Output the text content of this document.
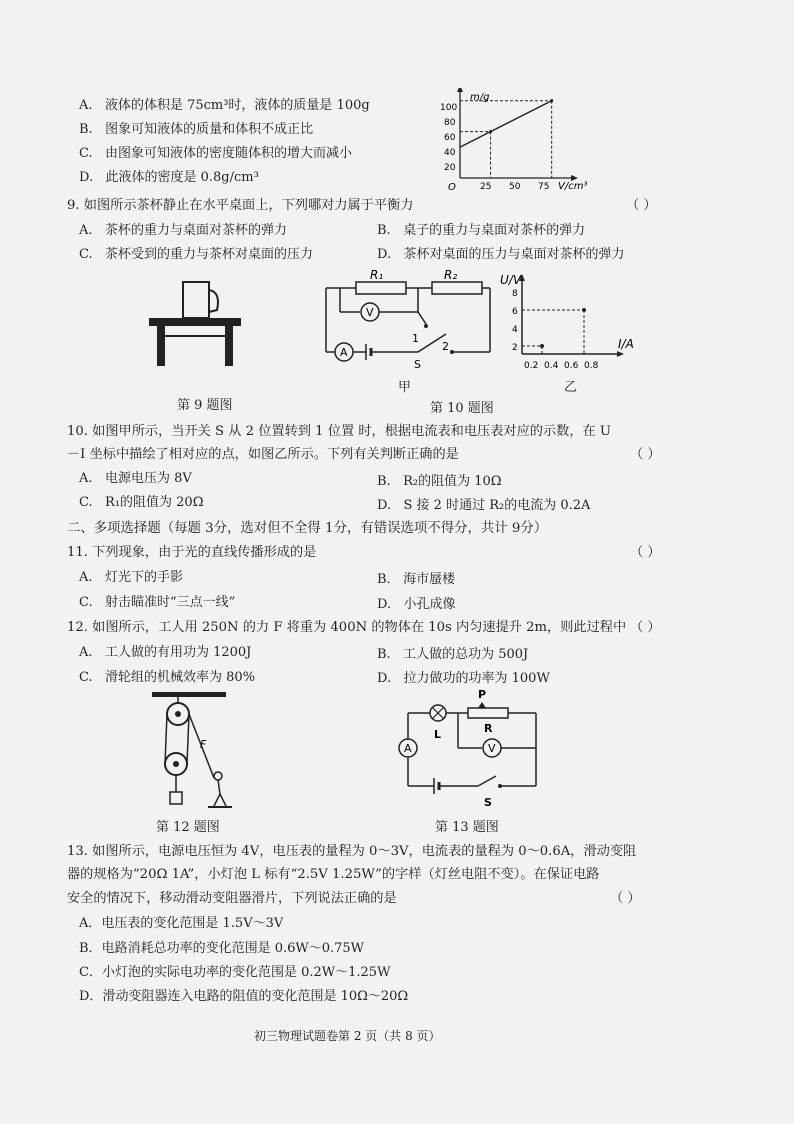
A. 液体的体积是 75cm³时，液体的质量是 100g
B. 图象可知液体的质量和体积不成正比
C. 由图象可知液体的密度随体积的增大而减小
D. 此液体的密度是 0.8g/cm³
m/g
V/cm³
O
100
80
60
40
20
25 50 75
9. 如图所示茶杯静止在水平桌面上，下列哪对力属于平衡力	（ ）
A. 茶杯的重力与桌面对茶杯的弹力	B. 桌子的重力与桌面对茶杯的弹力
C. 茶杯受到的重力与茶杯对桌面的压力	D. 茶杯对桌面的压力与桌面对茶杯的弹力
R₁	R₂
V
A
1
2
S
甲
U/V
I/A
8
6
4
2
0.2 0.4 0.6 0.8
乙
第 9 题图	第 10 题图
10. 如图甲所示，当开关 S 从 2 位置转到 1 位置 时，根据电流表和电压表对应的示数，在 U
－I 坐标中描绘了相对应的点，如图乙所示。下列有关判断正确的是	（ ）
A. 电源电压为 8V	B. R₂的阻值为 10Ω
C. R₁的阻值为 20Ω	D. S 接 2 时通过 R₂的电流为 0.2A
二、多项选择题（每题 3分，选对但不全得 1分，有错误选项不得分，共计 9分）
11. 下列现象，由于光的直线传播形成的是	（ ）
A. 灯光下的手影	B. 海市蜃楼
C. 射击瞄准时“三点一线”	D. 小孔成像
12. 如图所示，工人用 250N 的力 F 将重为 400N 的物体在 10s 内匀速提升 2m，则此过程中 （ ）
A. 工人做的有用功为 1200J	B. 工人做的总功为 500J
C. 滑轮组的机械效率为 80%	D. 拉力做功的功率为 100W
F
第 12 题图
P
R
L
A	V
S
第 13 题图
13. 如图所示，电源电压恒为 4V，电压表的量程为 0～3V，电流表的量程为 0～0.6A，滑动变阻
器的规格为“20Ω 1A”，小灯泡 L 标有“2.5V 1.25W”的字样（灯丝电阻不变）。在保证电路
安全的情况下，移动滑动变阻器滑片，下列说法正确的是	（ ）
A．电压表的变化范围是 1.5V～3V
B．电路消耗总功率的变化范围是 0.6W～0.75W
C．小灯泡的实际电功率的变化范围是 0.2W～1.25W
D．滑动变阻器连入电路的阻值的变化范围是 10Ω～20Ω
初三物理试题卷第 2 页（共 8 页）
